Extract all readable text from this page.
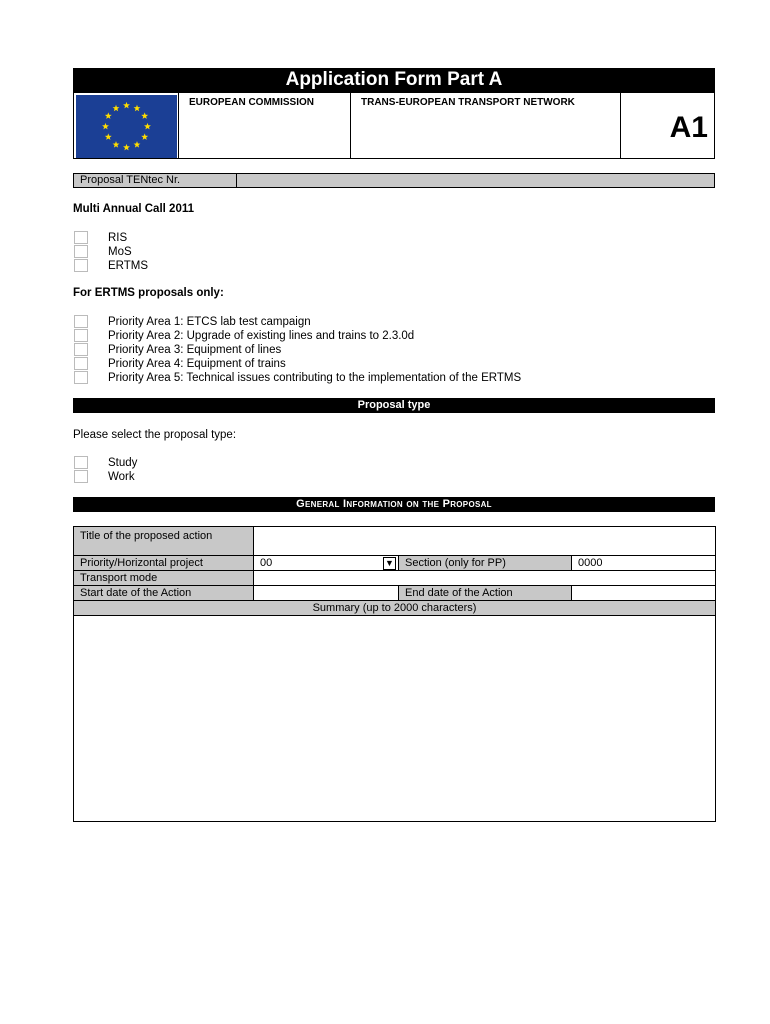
Application Form Part A
EUROPEAN COMMISSION	TRANS-EUROPEAN TRANSPORT NETWORK
A1
Proposal TENtec Nr.
Multi Annual Call 2011
RIS
MoS
ERTMS
For ERTMS proposals only:
Priority Area 1: ETCS lab test campaign
Priority Area 2: Upgrade of existing lines and trains to 2.3.0d
Priority Area 3: Equipment of lines
Priority Area 4: Equipment of trains
Priority Area 5: Technical issues contributing to the implementation of the ERTMS
Proposal type
Please select the proposal type:
Study
Work
General Information on the Proposal
Title of the proposed action			
Priority/Horizontal project	00 ▼	Section (only for PP)	0000
Transport mode			
Start date of the Action		End date of the Action	
Summary (up to 2000 characters)			
